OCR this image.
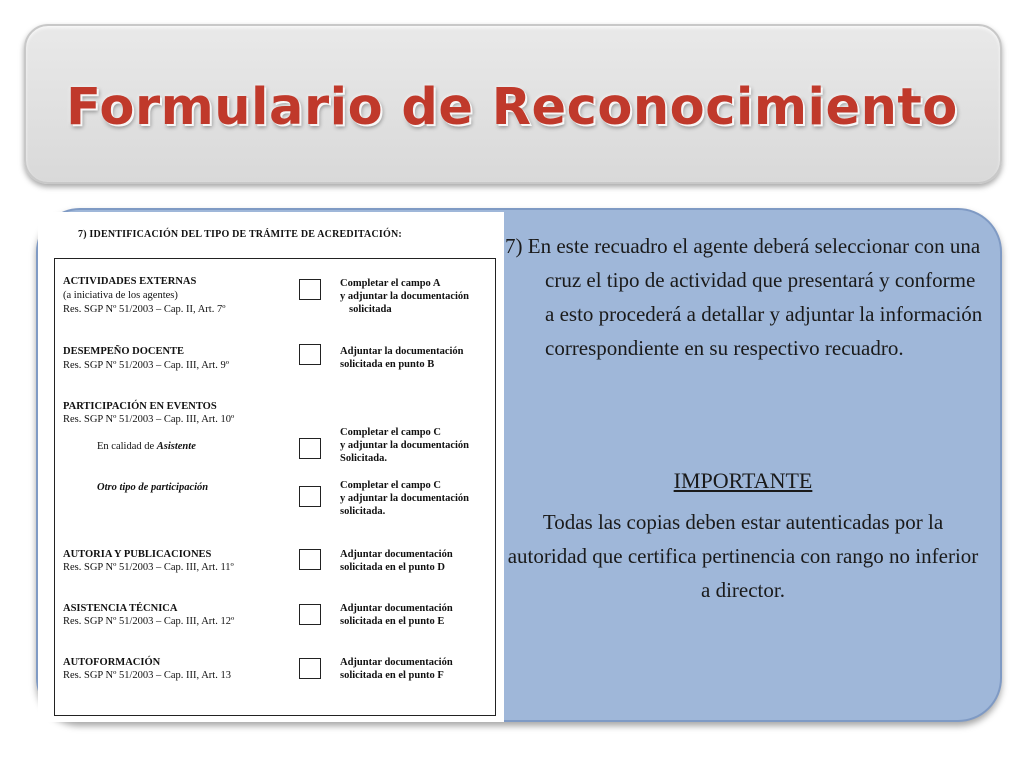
Formulario de Reconocimiento
7) IDENTIFICACIÓN DEL TIPO DE TRÁMITE DE ACREDITACIÓN:
ACTIVIDADES EXTERNAS
(a iniciativa de los agentes)
Res. SGP Nº 51/2003 – Cap. II, Art. 7º
Completar el campo A
y adjuntar la documentación
solicitada
DESEMPEÑO DOCENTE
Res. SGP Nº 51/2003 – Cap. III, Art. 9º
Adjuntar la documentación
solicitada en punto B
PARTICIPACIÓN EN EVENTOS
Res. SGP Nº 51/2003 – Cap. III, Art. 10º
En calidad de Asistente
Completar el campo C
y adjuntar la documentación
Solicitada.
Otro tipo de participación	Completar el campo C
y adjuntar la documentación
solicitada.
AUTORIA Y PUBLICACIONES
Res. SGP Nº 51/2003 – Cap. III, Art. 11º
Adjuntar documentación
solicitada en el punto D
ASISTENCIA TÉCNICA
Res. SGP Nº 51/2003 – Cap. III, Art. 12º
Adjuntar documentación
solicitada en el punto E
AUTOFORMACIÓN
Res. SGP Nº 51/2003 – Cap. III, Art. 13
Adjuntar documentación
solicitada en el punto F

7) En este recuadro el agente deberá seleccionar con una cruz el tipo de actividad que presentará y conforme a esto procederá a detallar y adjuntar la información correspondiente en su respectivo recuadro.

IMPORTANTE
Todas las copias deben estar autenticadas por la autoridad que certifica pertinencia con rango no inferior a director.
